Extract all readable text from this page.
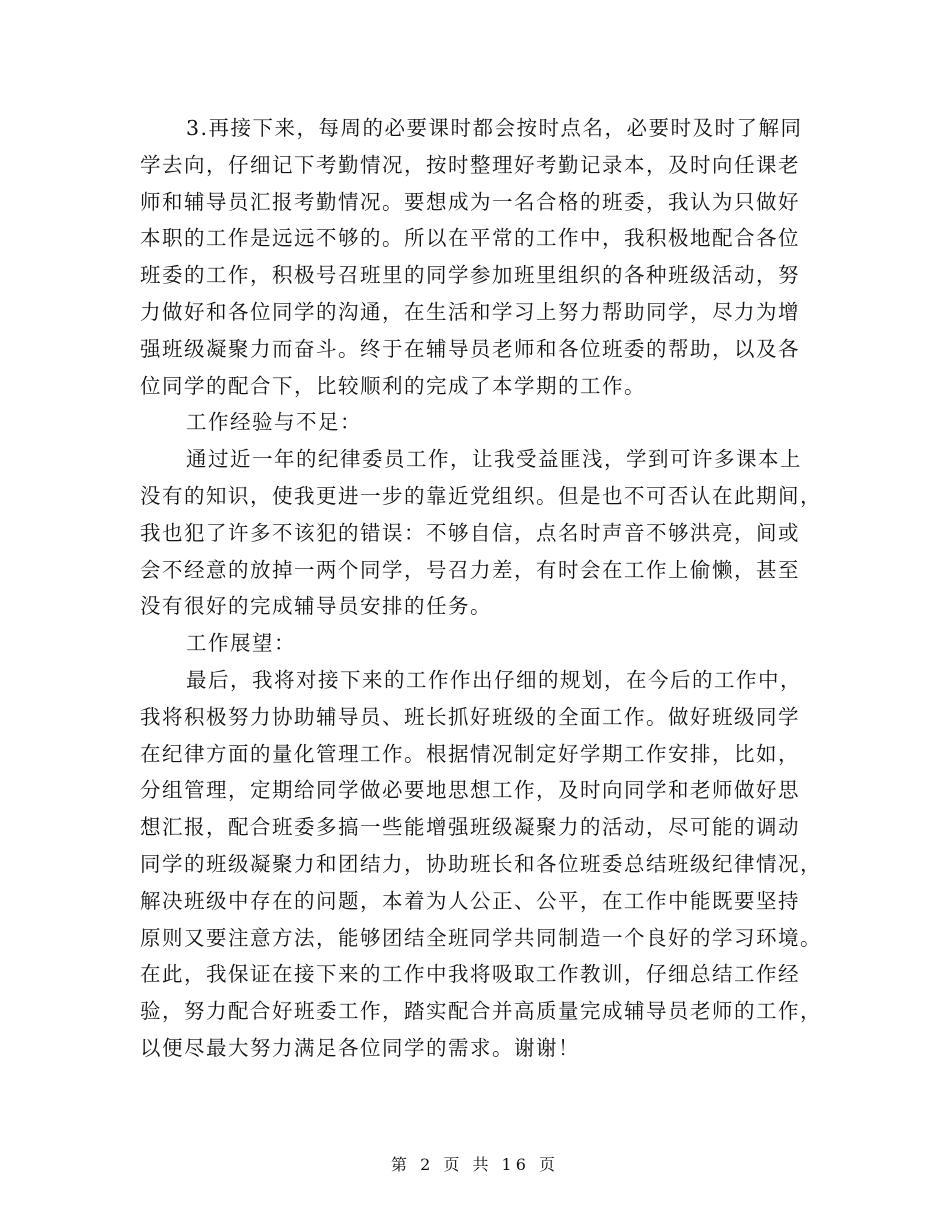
3.再接下来，每周的必要课时都会按时点名，必要时及时了解同
学去向，仔细记下考勤情况，按时整理好考勤记录本，及时向任课老
师和辅导员汇报考勤情况。要想成为一名合格的班委，我认为只做好
本职的工作是远远不够的。所以在平常的工作中，我积极地配合各位
班委的工作，积极号召班里的同学参加班里组织的各种班级活动，努
力做好和各位同学的沟通，在生活和学习上努力帮助同学，尽力为增
强班级凝聚力而奋斗。终于在辅导员老师和各位班委的帮助，以及各
位同学的配合下，比较顺利的完成了本学期的工作。
工作经验与不足：
通过近一年的纪律委员工作，让我受益匪浅，学到可许多课本上
没有的知识，使我更进一步的靠近党组织。但是也不可否认在此期间，
我也犯了许多不该犯的错误：不够自信，点名时声音不够洪亮，间或
会不经意的放掉一两个同学，号召力差，有时会在工作上偷懒，甚至
没有很好的完成辅导员安排的任务。
工作展望：
最后，我将对接下来的工作作出仔细的规划，在今后的工作中，
我将积极努力协助辅导员、班长抓好班级的全面工作。做好班级同学
在纪律方面的量化管理工作。根据情况制定好学期工作安排，比如，
分组管理，定期给同学做必要地思想工作，及时向同学和老师做好思
想汇报，配合班委多搞一些能增强班级凝聚力的活动，尽可能的调动
同学的班级凝聚力和团结力，协助班长和各位班委总结班级纪律情况，
解决班级中存在的问题，本着为人公正、公平，在工作中能既要坚持
原则又要注意方法，能够团结全班同学共同制造一个良好的学习环境。
在此，我保证在接下来的工作中我将吸取工作教训，仔细总结工作经
验，努力配合好班委工作，踏实配合并高质量完成辅导员老师的工作，
以便尽最大努力满足各位同学的需求。谢谢！
第 2 页 共 16 页
